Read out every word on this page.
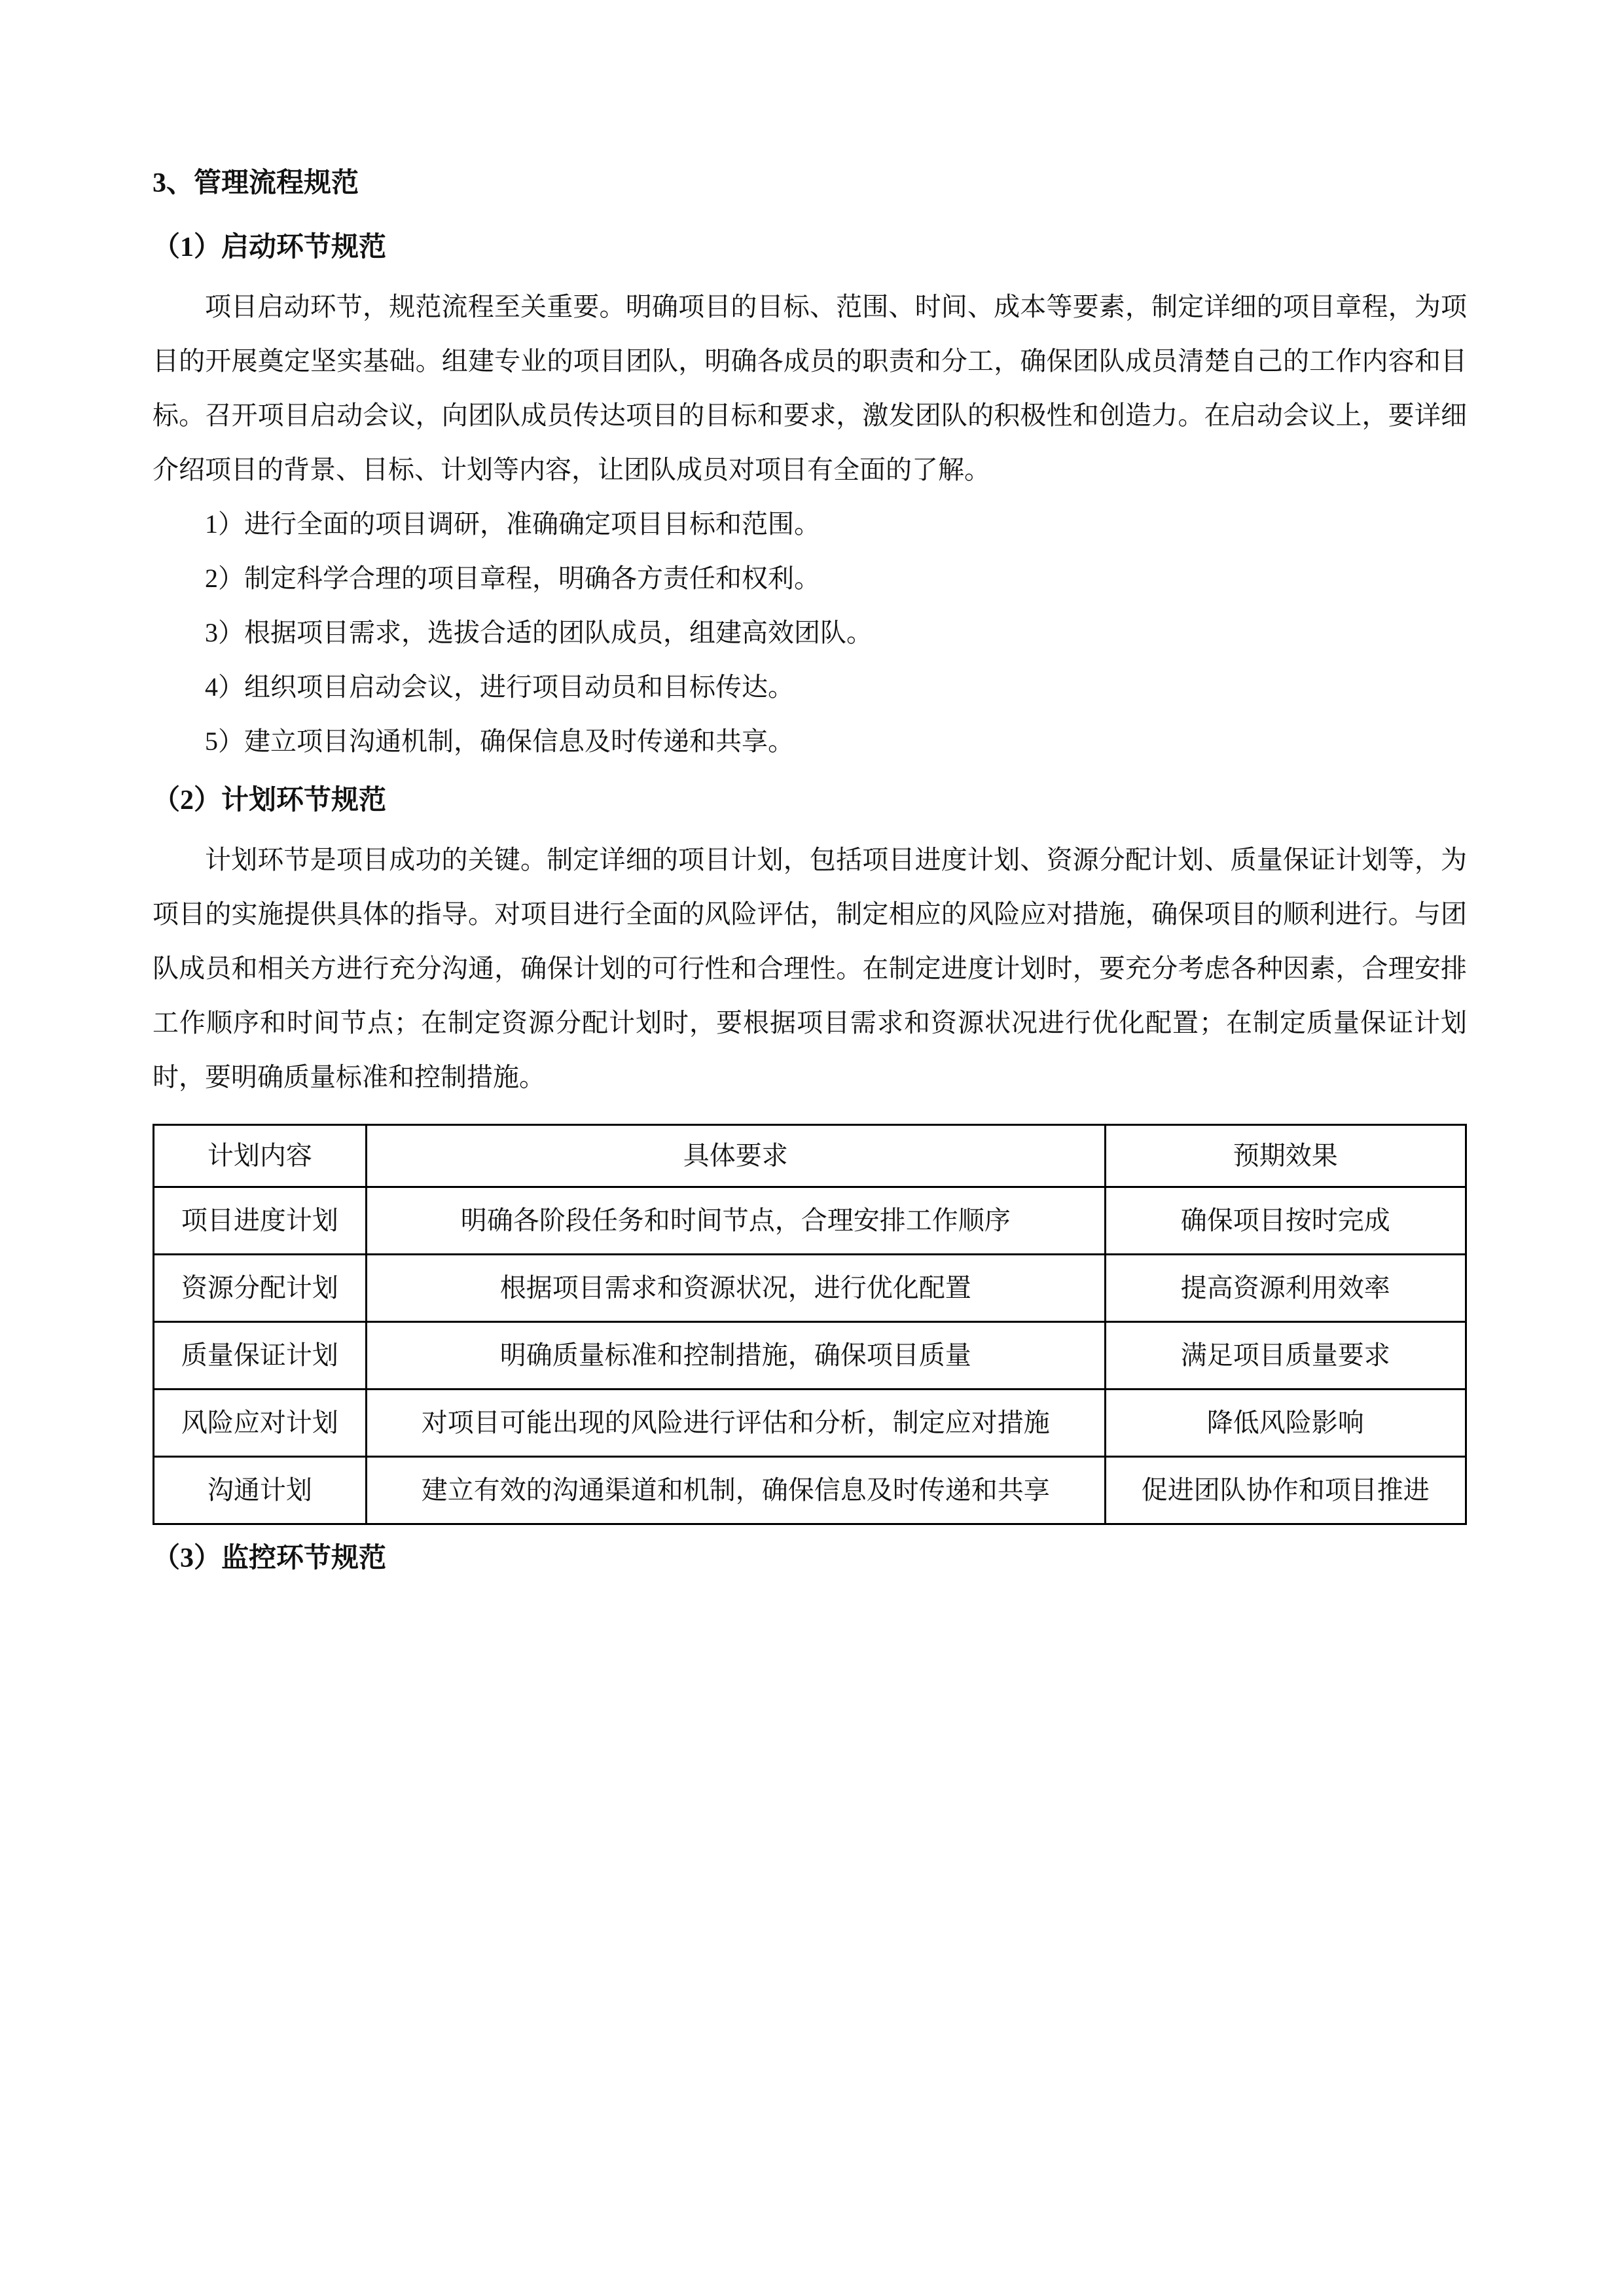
3、管理流程规范
（1）启动环节规范

项目启动环节，规范流程至关重要。明确项目的目标、范围、时间、成本等要素，制定详细的项目章程，为项目的开展奠定坚实基础。组建专业的项目团队，明确各成员的职责和分工，确保团队成员清楚自己的工作内容和目标。召开项目启动会议，向团队成员传达项目的目标和要求，激发团队的积极性和创造力。在启动会议上，要详细介绍项目的背景、目标、计划等内容，让团队成员对项目有全面的了解。

1）进行全面的项目调研，准确确定项目目标和范围。
2）制定科学合理的项目章程，明确各方责任和权利。
3）根据项目需求，选拔合适的团队成员，组建高效团队。
4）组织项目启动会议，进行项目动员和目标传达。
5）建立项目沟通机制，确保信息及时传递和共享。
（2）计划环节规范

计划环节是项目成功的关键。制定详细的项目计划，包括项目进度计划、资源分配计划、质量保证计划等，为项目的实施提供具体的指导。对项目进行全面的风险评估，制定相应的风险应对措施，确保项目的顺利进行。与团队成员和相关方进行充分沟通，确保计划的可行性和合理性。在制定进度计划时，要充分考虑各种因素，合理安排工作顺序和时间节点；在制定资源分配计划时，要根据项目需求和资源状况进行优化配置；在制定质量保证计划时，要明确质量标准和控制措施。

计划内容	具体要求	预期效果
项目进度计划	明确各阶段任务和时间节点，合理安排工作顺序	确保项目按时完成
资源分配计划	根据项目需求和资源状况，进行优化配置	提高资源利用效率
质量保证计划	明确质量标准和控制措施，确保项目质量	满足项目质量要求
风险应对计划	对项目可能出现的风险进行评估和分析，制定应对措施	降低风险影响
沟通计划	建立有效的沟通渠道和机制，确保信息及时传递和共享	促进团队协作和项目推进
（3）监控环节规范
